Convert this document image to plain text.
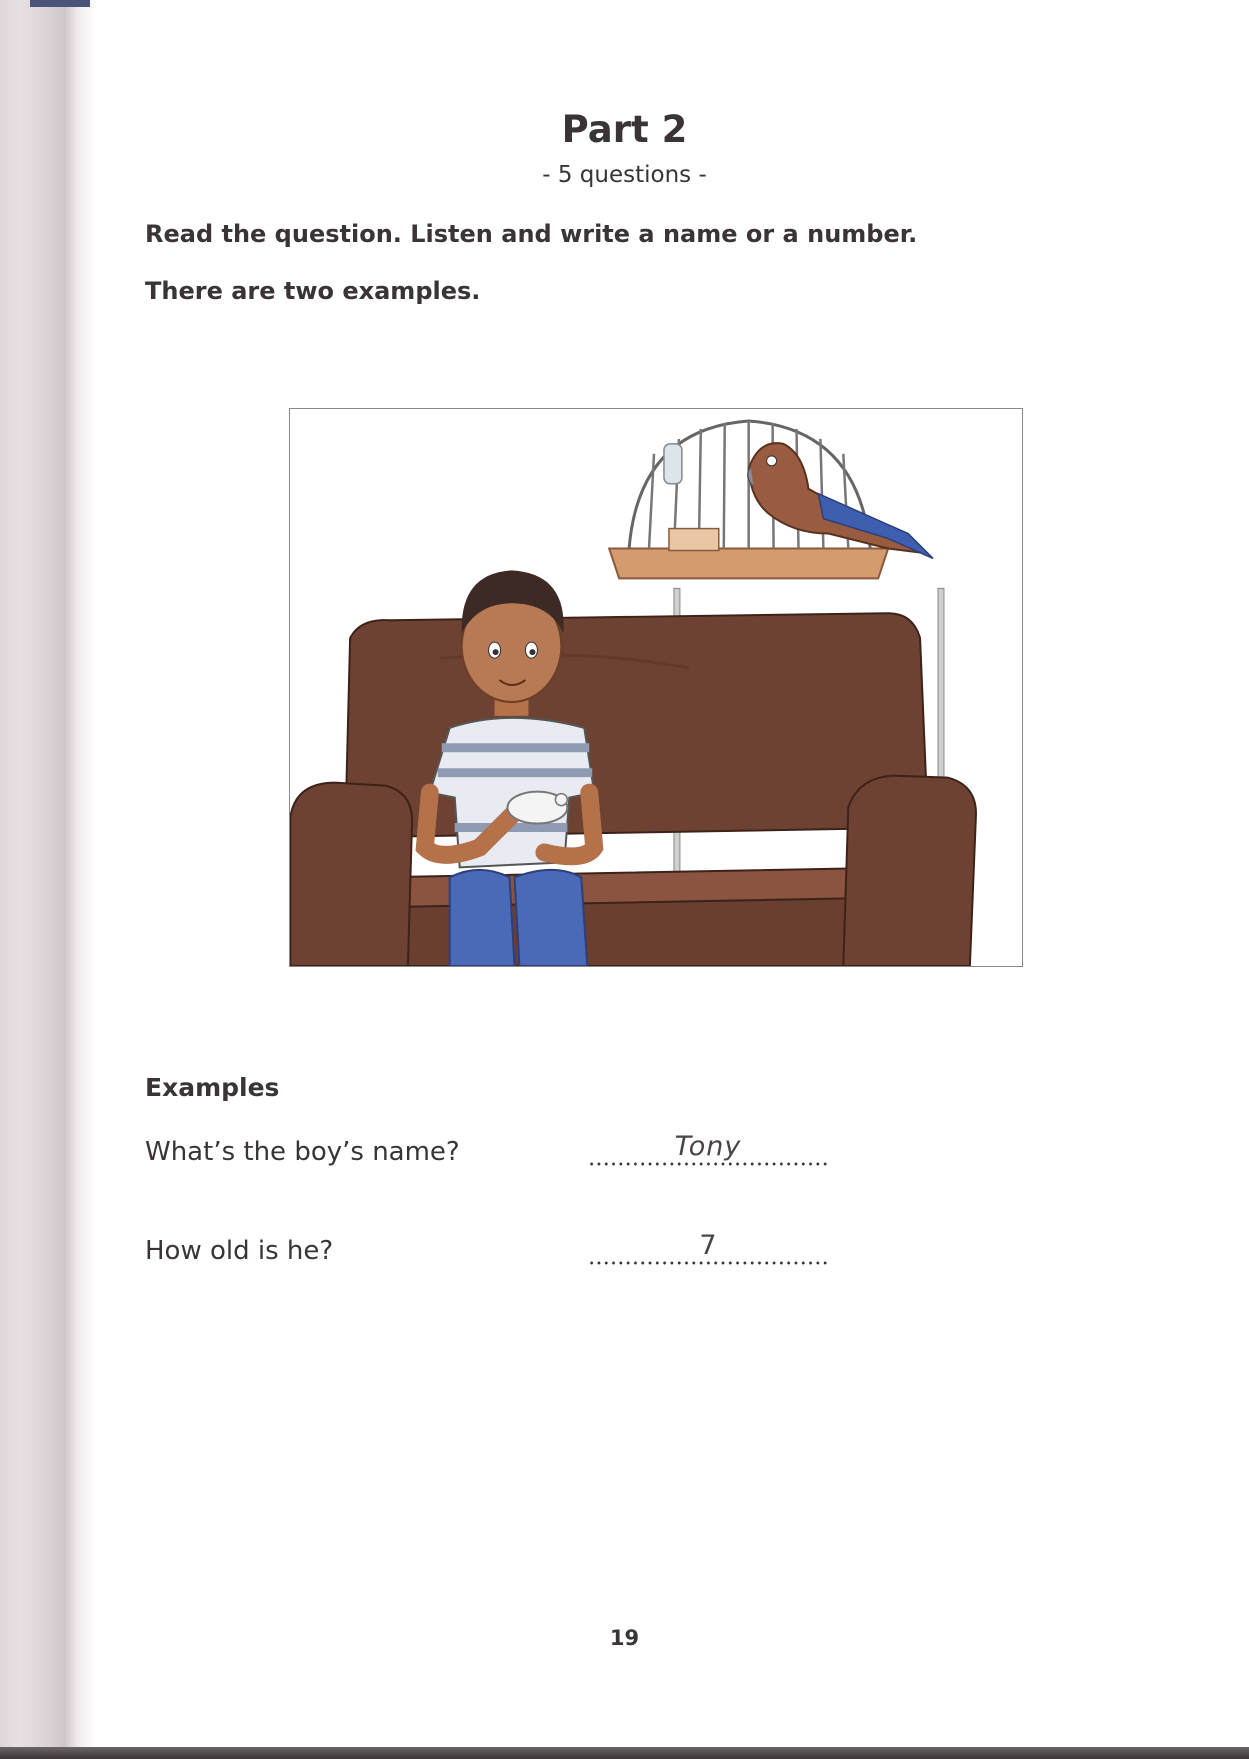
Part 2
- 5 questions -
Read the question. Listen and write a name or a number.
There are two examples.
Examples
What’s the boy’s name?	Tony
How old is he?	7
19
